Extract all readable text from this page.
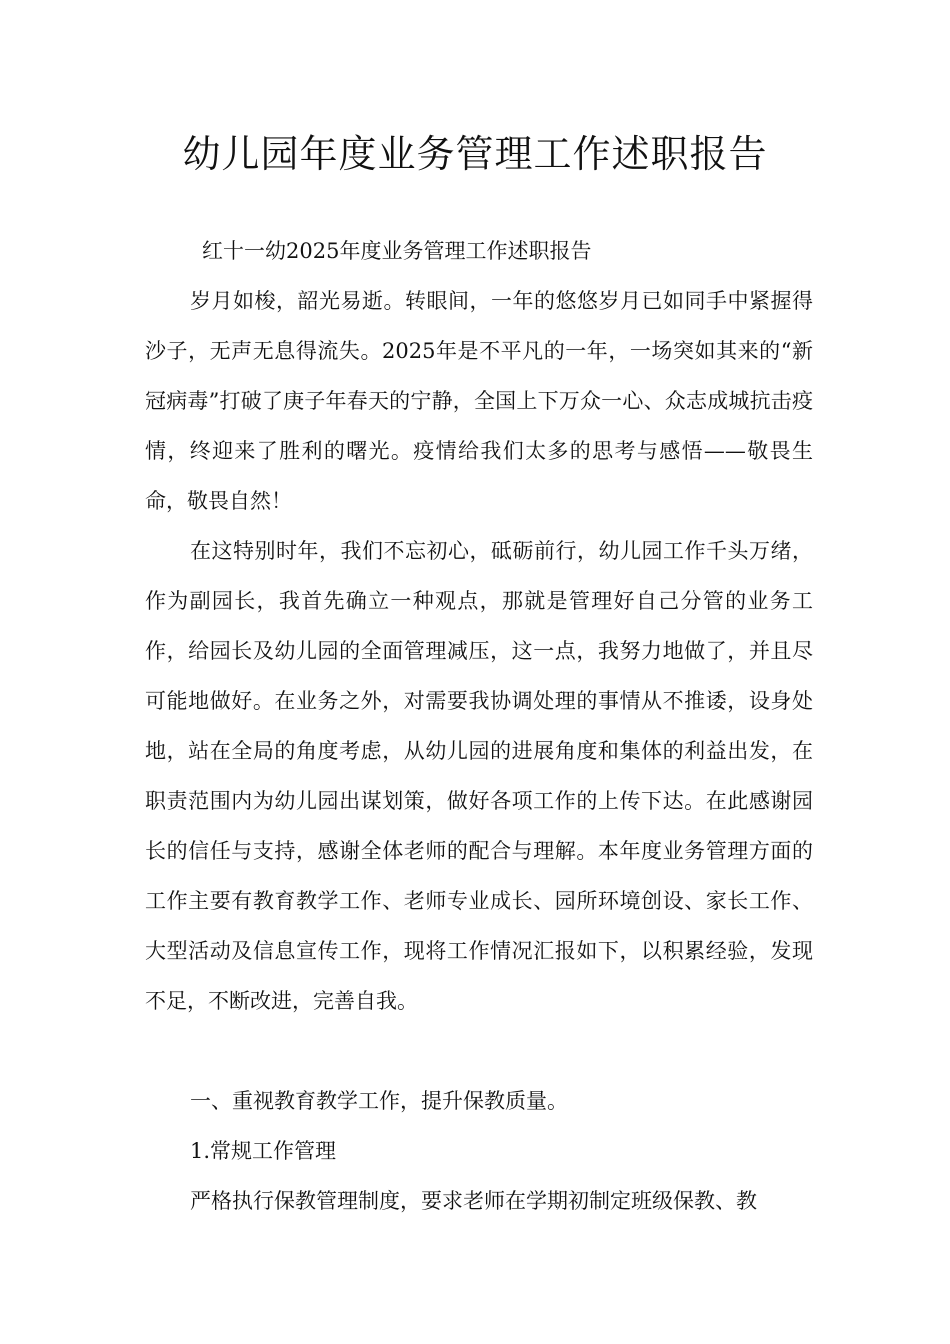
幼儿园年度业务管理工作述职报告

红十一幼2025年度业务管理工作述职报告

岁月如梭，韶光易逝。转眼间，一年的悠悠岁月已如同手中紧握得沙子，无声无息得流失。2025年是不平凡的一年，一场突如其来的“新冠病毒”打破了庚子年春天的宁静，全国上下万众一心、众志成城抗击疫情，终迎来了胜利的曙光。疫情给我们太多的思考与感悟——敬畏生命，敬畏自然！

在这特别时年，我们不忘初心，砥砺前行，幼儿园工作千头万绪，作为副园长，我首先确立一种观点，那就是管理好自己分管的业务工作，给园长及幼儿园的全面管理减压，这一点，我努力地做了，并且尽可能地做好。在业务之外，对需要我协调处理的事情从不推诿，设身处地，站在全局的角度考虑，从幼儿园的进展角度和集体的利益出发，在职责范围内为幼儿园出谋划策，做好各项工作的上传下达。在此感谢园长的信任与支持，感谢全体老师的配合与理解。本年度业务管理方面的工作主要有教育教学工作、老师专业成长、园所环境创设、家长工作、大型活动及信息宣传工作，现将工作情况汇报如下，以积累经验，发现不足，不断改进，完善自我。

一、重视教育教学工作，提升保教质量。

1.常规工作管理

严格执行保教管理制度，要求老师在学期初制定班级保教、教
